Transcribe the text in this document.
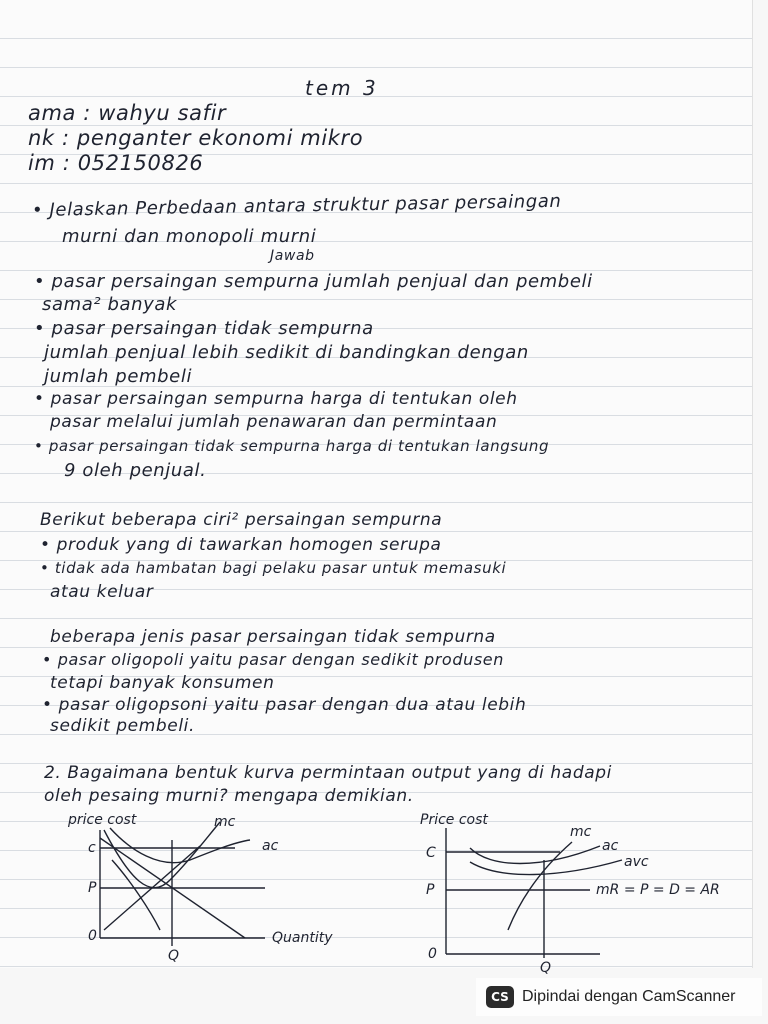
tem 3
ama : wahyu safir
nk : penganter ekonomi mikro
im : 052150826
• Jelaskan Perbedaan antara struktur pasar persaingan
murni dan monopoli murni
Jawab
• pasar persaingan sempurna jumlah penjual dan pembeli
sama² banyak
• pasar persaingan tidak sempurna
jumlah penjual lebih sedikit di bandingkan dengan
jumlah pembeli
• pasar persaingan sempurna harga di tentukan oleh
pasar melalui jumlah penawaran dan permintaan
• pasar persaingan tidak sempurna harga di tentukan langsung
9 oleh penjual.
Berikut beberapa ciri² persaingan sempurna
• produk yang di tawarkan homogen serupa
• tidak ada hambatan bagi pelaku pasar untuk memasuki
atau keluar
beberapa jenis pasar persaingan tidak sempurna
• pasar oligopoli yaitu pasar dengan sedikit produsen
tetapi banyak konsumen
• pasar oligopsoni yaitu pasar dengan dua atau lebih
sedikit pembeli.
2. Bagaimana bentuk kurva permintaan output yang di hadapi
oleh pesaing murni? mengapa demikian.
price cost	mc
ac
c
P
0
Q
Quantity
Price cost
mc
ac
avc
mR = P = D = AR
C
P
0
Q
CS Dipindai dengan CamScanner
